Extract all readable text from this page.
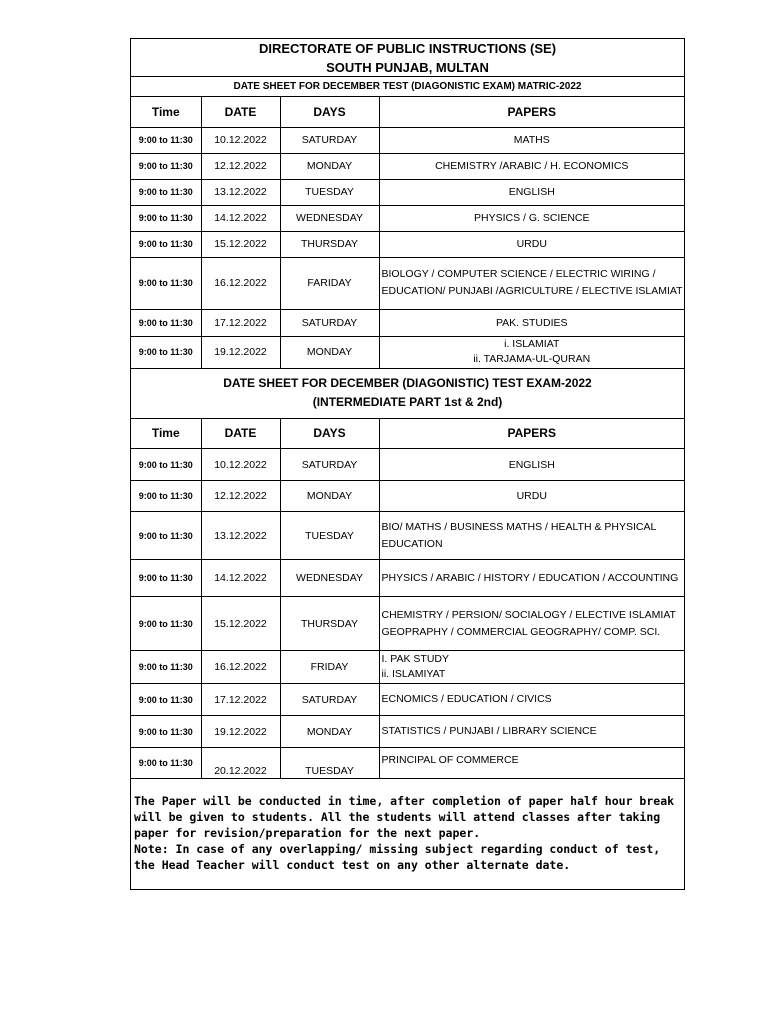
DIRECTORATE OF PUBLIC INSTRUCTIONS (SE)
SOUTH PUNJAB, MULTAN
DATE SHEET FOR DECEMBER TEST (DIAGONISTIC EXAM) MATRIC-2022
Time	DATE	DAYS	PAPERS
9:00 to 11:30	10.12.2022	SATURDAY	MATHS
9:00 to 11:30	12.12.2022	MONDAY	CHEMISTRY /ARABIC / H. ECONOMICS
9:00 to 11:30	13.12.2022	TUESDAY	ENGLISH
9:00 to 11:30	14.12.2022	WEDNESDAY	PHYSICS / G. SCIENCE
9:00 to 11:30	15.12.2022	THURSDAY	URDU
9:00 to 11:30	16.12.2022	FARIDAY	BIOLOGY / COMPUTER SCIENCE / ELECTRIC WIRING /
EDUCATION/ PUNJABI /AGRICULTURE / ELECTIVE ISLAMIAT

9:00 to 11:30	17.12.2022	SATURDAY	PAK. STUDIES
9:00 to 11:30	19.12.2022	MONDAY	i. ISLAMIAT
ii. TARJAMA-UL-QURAN
DATE SHEET FOR DECEMBER (DIAGONISTIC) TEST EXAM-2022
(INTERMEDIATE PART 1st & 2nd)
Time	DATE	DAYS	PAPERS
9:00 to 11:30	10.12.2022	SATURDAY	ENGLISH
9:00 to 11:30	12.12.2022	MONDAY	URDU
9:00 to 11:30	13.12.2022	TUESDAY	BIO/ MATHS / BUSINESS MATHS / HEALTH & PHYSICAL
EDUCATION

9:00 to 11:30	14.12.2022	WEDNESDAY	PHYSICS / ARABIC / HISTORY / EDUCATION / ACCOUNTING
9:00 to 11:30	15.12.2022	THURSDAY	CHEMISTRY / PERSION/ SOCIALOGY / ELECTIVE ISLAMIAT
GEOPRAPHY / COMMERCIAL GEOGRAPHY/ COMP. SCI.

9:00 to 11:30	16.12.2022	FRIDAY	I. PAK STUDY
ii. ISLAMIYAT

9:00 to 11:30	17.12.2022	SATURDAY	ECNOMICS / EDUCATION / CIVICS
9:00 to 11:30	19.12.2022	MONDAY	STATISTICS / PUNJABI / LIBRARY SCIENCE
9:00 to 11:30	20.12.2022	TUESDAY	PRINCIPAL OF COMMERCE

The Paper will be conducted in time, after completion of paper half hour break will be given to students. All the students will attend classes after taking paper for revision/preparation for the next paper.

Note: In case of any overlapping/ missing subject regarding conduct of test, the Head Teacher will conduct test on any other alternate date.
